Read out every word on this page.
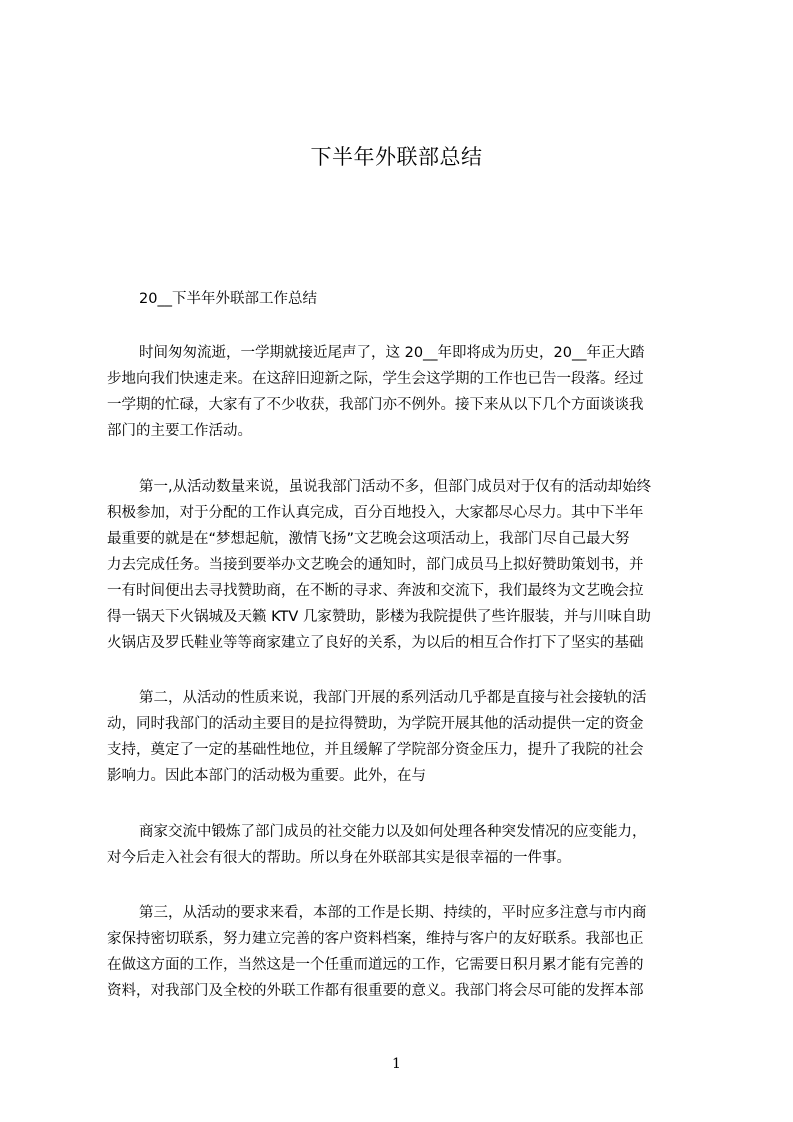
下半年外联部总结
20__下半年外联部工作总结
时间匆匆流逝，一学期就接近尾声了，这 20__年即将成为历史，20__年正大踏
步地向我们快速走来。在这辞旧迎新之际，学生会这学期的工作也已告一段落。经过
一学期的忙碌，大家有了不少收获，我部门亦不例外。接下来从以下几个方面谈谈我
部门的主要工作活动。
第一,从活动数量来说，虽说我部门活动不多，但部门成员对于仅有的活动却始终
积极参加，对于分配的工作认真完成，百分百地投入，大家都尽心尽力。其中下半年
最重要的就是在“梦想起航，激情飞扬”文艺晚会这项活动上，我部门尽自己最大努
力去完成任务。当接到要举办文艺晚会的通知时，部门成员马上拟好赞助策划书，并
一有时间便出去寻找赞助商，在不断的寻求、奔波和交流下，我们最终为文艺晚会拉
得一锅天下火锅城及天籁 KTV 几家赞助，影楼为我院提供了些许服装，并与川味自助
火锅店及罗氏鞋业等等商家建立了良好的关系，为以后的相互合作打下了坚实的基础
第二，从活动的性质来说，我部门开展的系列活动几乎都是直接与社会接轨的活
动，同时我部门的活动主要目的是拉得赞助，为学院开展其他的活动提供一定的资金
支持，奠定了一定的基础性地位，并且缓解了学院部分资金压力，提升了我院的社会
影响力。因此本部门的活动极为重要。此外，在与
商家交流中锻炼了部门成员的社交能力以及如何处理各种突发情况的应变能力，
对今后走入社会有很大的帮助。所以身在外联部其实是很幸福的一件事。
第三，从活动的要求来看，本部的工作是长期、持续的，平时应多注意与市内商
家保持密切联系，努力建立完善的客户资料档案，维持与客户的友好联系。我部也正
在做这方面的工作，当然这是一个任重而道远的工作，它需要日积月累才能有完善的
资料，对我部门及全校的外联工作都有很重要的意义。我部门将会尽可能的发挥本部
1
